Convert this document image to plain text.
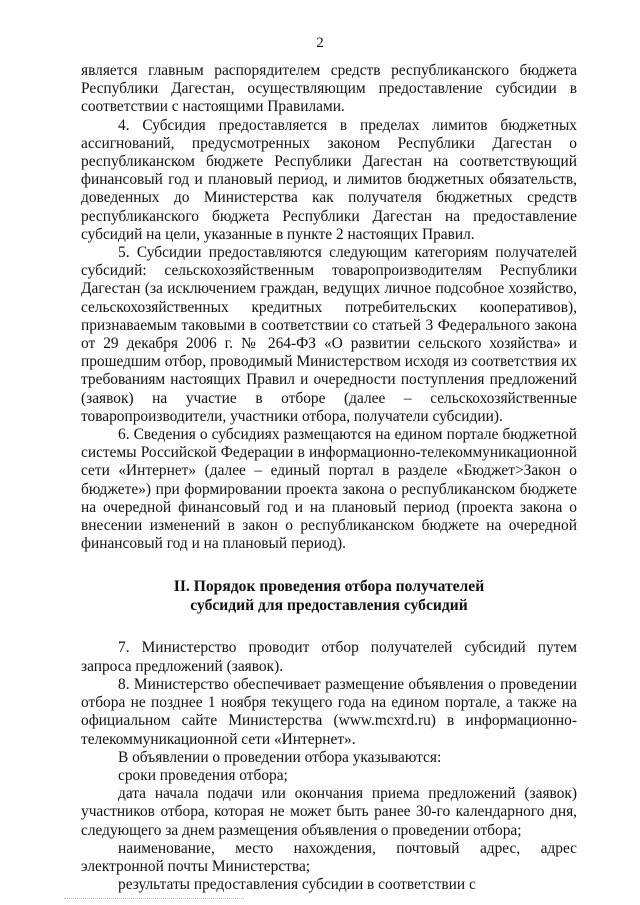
2

является главным распорядителем средств республиканского бюджета Республики Дагестан, осуществляющим предоставление субсидии в соответствии с настоящими Правилами.

4. Субсидия предоставляется в пределах лимитов бюджетных ассигнований, предусмотренных законом Республики Дагестан о республиканском бюджете Республики Дагестан на соответствующий финансовый год и плановый период, и лимитов бюджетных обязательств, доведенных до Министерства как получателя бюджетных средств республиканского бюджета Республики Дагестан на предоставление субсидий на цели, указанные в пункте 2 настоящих Правил.

5. Субсидии предоставляются следующим категориям получателей субсидий: сельскохозяйственным товаропроизводителям Республики Дагестан (за исключением граждан, ведущих личное подсобное хозяйство, сельскохозяйственных кредитных потребительских кооперативов), признаваемым таковыми в соответствии со статьей 3 Федерального закона от 29 декабря 2006 г. № 264-ФЗ «О развитии сельского хозяйства» и прошедшим отбор, проводимый Министерством исходя из соответствия их требованиям настоящих Правил и очередности поступления предложений (заявок) на участие в отборе (далее – сельскохозяйственные товаропроизводители, участники отбора, получатели субсидии).

6. Сведения о субсидиях размещаются на едином портале бюджетной системы Российской Федерации в информационно-телекоммуникационной сети «Интернет» (далее – единый портал в разделе «Бюджет>Закон о бюджете») при формировании проекта закона о республиканском бюджете на очередной финансовый год и на плановый период (проекта закона о внесении изменений в закон о республиканском бюджете на очередной финансовый год и на плановый период).

II. Порядок проведения отбора получателей
субсидий для предоставления субсидий

7. Министерство проводит отбор получателей субсидий путем запроса предложений (заявок).

8. Министерство обеспечивает размещение объявления о проведении отбора не позднее 1 ноября текущего года на едином портале, а также на официальном сайте Министерства (www.mcxrd.ru) в информационно-телекоммуникационной сети «Интернет».

В объявлении о проведении отбора указываются:

сроки проведения отбора;

дата начала подачи или окончания приема предложений (заявок) участников отбора, которая не может быть ранее 30-го календарного дня, следующего за днем размещения объявления о проведении отбора;

наименование, место нахождения, почтовый адрес, адрес электронной почты Министерства;

результаты предоставления субсидии в соответствии с
